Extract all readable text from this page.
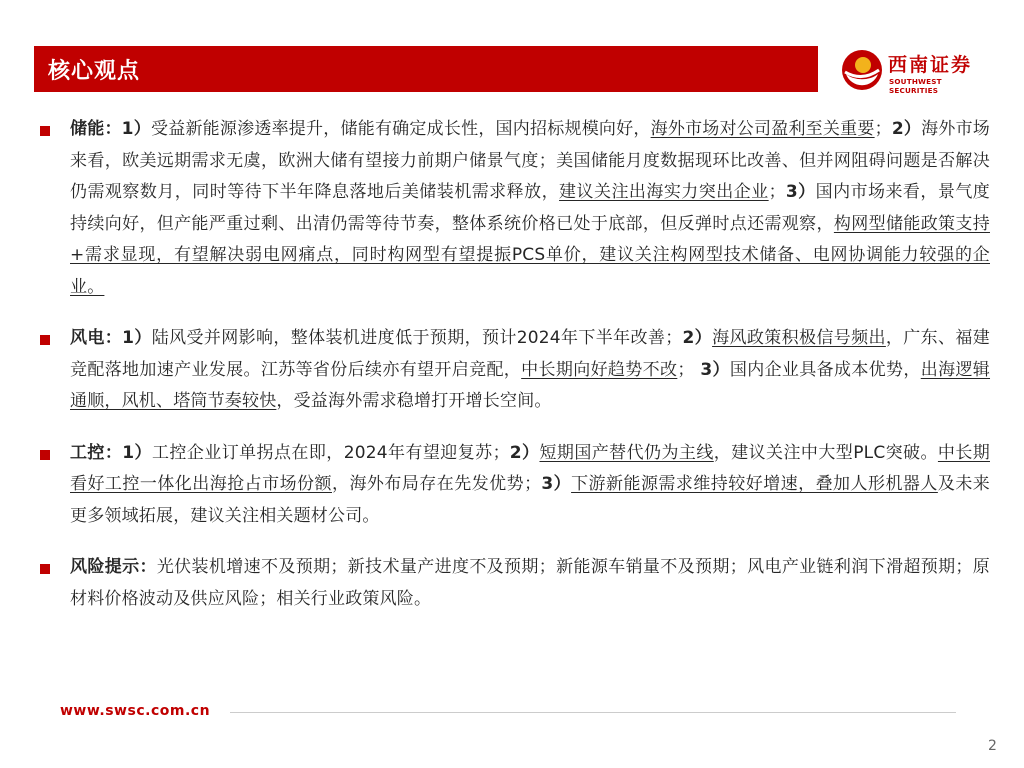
核心观点	西南证券
SOUTHWEST SECURITIES
储能：1）受益新能源渗透率提升，储能有确定成长性，国内招标规模向好，海外市场对公司盈利至关重要；2）海外市场来看，欧美远期需求无虞，欧洲大储有望接力前期户储景气度；美国储能月度数据现环比改善、但并网阻碍问题是否解决仍需观察数月，同时等待下半年降息落地后美储装机需求释放，建议关注出海实力突出企业；3）国内市场来看，景气度持续向好，但产能严重过剩、出清仍需等待节奏，整体系统价格已处于底部，但反弹时点还需观察，构网型储能政策支持+需求显现，有望解决弱电网痛点，同时构网型有望提振PCS单价，建议关注构网型技术储备、电网协调能力较强的企业。
风电：1）陆风受并网影响，整体装机进度低于预期，预计2024年下半年改善；2）海风政策积极信号频出，广东、福建竞配落地加速产业发展。江苏等省份后续亦有望开启竞配，中长期向好趋势不改； 3）国内企业具备成本优势，出海逻辑通顺，风机、塔筒节奏较快，受益海外需求稳增打开增长空间。
工控：1）工控企业订单拐点在即，2024年有望迎复苏；2）短期国产替代仍为主线，建议关注中大型PLC突破。中长期看好工控一体化出海抢占市场份额，海外布局存在先发优势；3）下游新能源需求维持较好增速，叠加人形机器人及未来更多领域拓展，建议关注相关题材公司。
风险提示：光伏装机增速不及预期；新技术量产进度不及预期；新能源车销量不及预期；风电产业链利润下滑超预期；原材料价格波动及供应风险；相关行业政策风险。
www.swsc.com.cn
2
